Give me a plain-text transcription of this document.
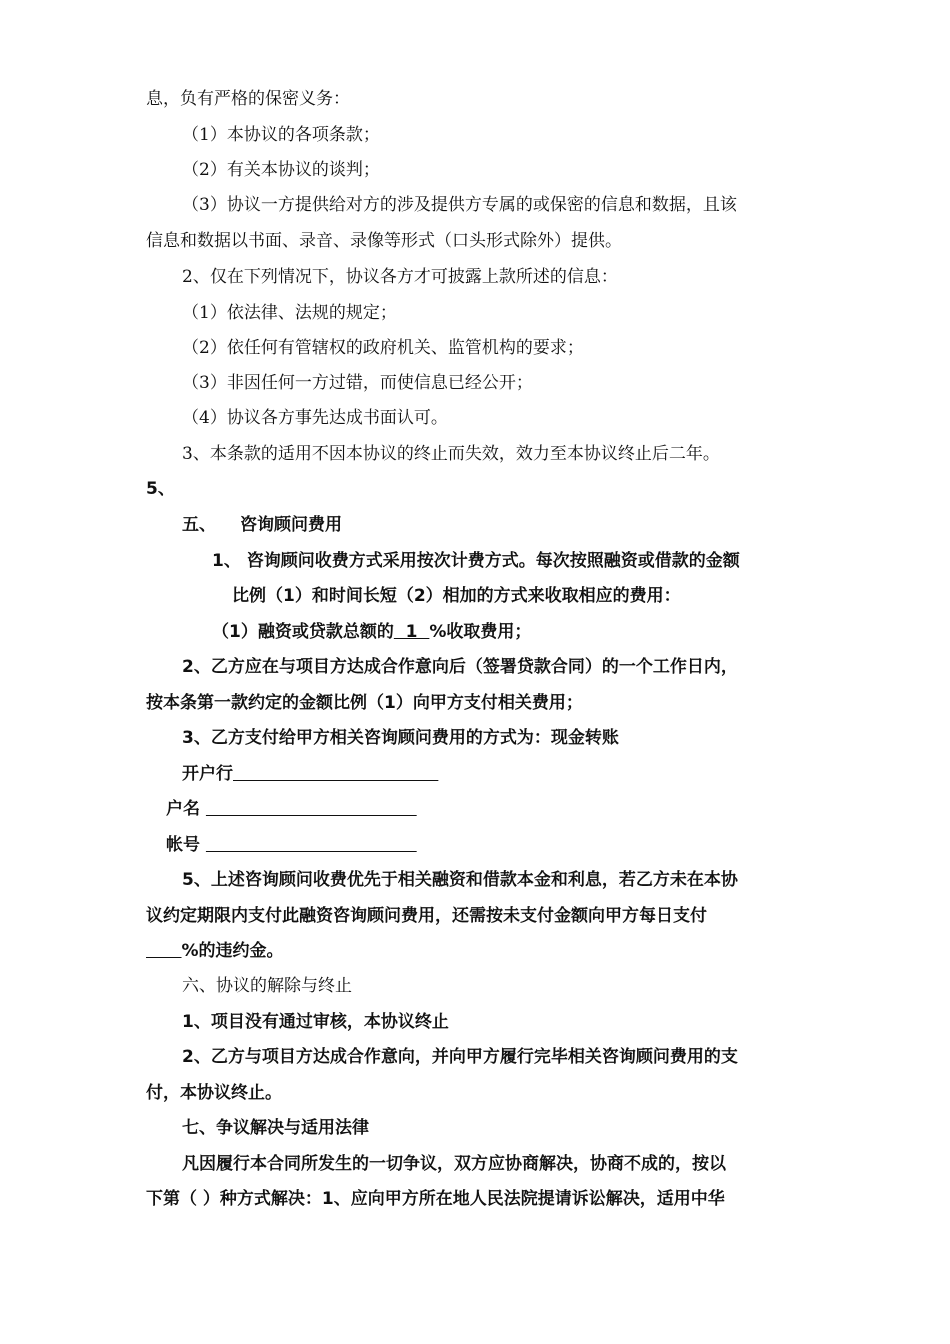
息，负有严格的保密义务：
（1）本协议的各项条款；
（2）有关本协议的谈判；
（3）协议一方提供给对方的涉及提供方专属的或保密的信息和数据，且该
信息和数据以书面、录音、录像等形式（口头形式除外）提供。
2、仅在下列情况下，协议各方才可披露上款所述的信息：
（1）依法律、法规的规定；
（2）依任何有管辖权的政府机关、监管机构的要求；
（3）非因任何一方过错，而使信息已经公开；
（4）协议各方事先达成书面认可。
3、本条款的适用不因本协议的终止而失效，效力至本协议终止后二年。
5、
五、 咨询顾问费用
1、 咨询顾问收费方式采用按次计费方式。每次按照融资或借款的金额
比例（1）和时间长短（2）相加的方式来收取相应的费用：
（1）融资或贷款总额的  1  %收取费用；
2、乙方应在与项目方达成合作意向后（签署贷款合同）的一个工作日内，
按本条第一款约定的金额比例（1）向甲方支付相关费用；
3、乙方支付给甲方相关咨询顾问费用的方式为：现金转账
开户行
户名
帐号
5、上述咨询顾问收费优先于相关融资和借款本金和利息，若乙方未在本协
议约定期限内支付此融资咨询顾问费用，还需按未支付金额向甲方每日支付
%的违约金。
六、协议的解除与终止
1、项目没有通过审核，本协议终止
2、乙方与项目方达成合作意向，并向甲方履行完毕相关咨询顾问费用的支
付，本协议终止。
七、争议解决与适用法律
凡因履行本合同所发生的一切争议，双方应协商解决，协商不成的，按以
下第（ ）种方式解决：1、应向甲方所在地人民法院提请诉讼解决，适用中华
